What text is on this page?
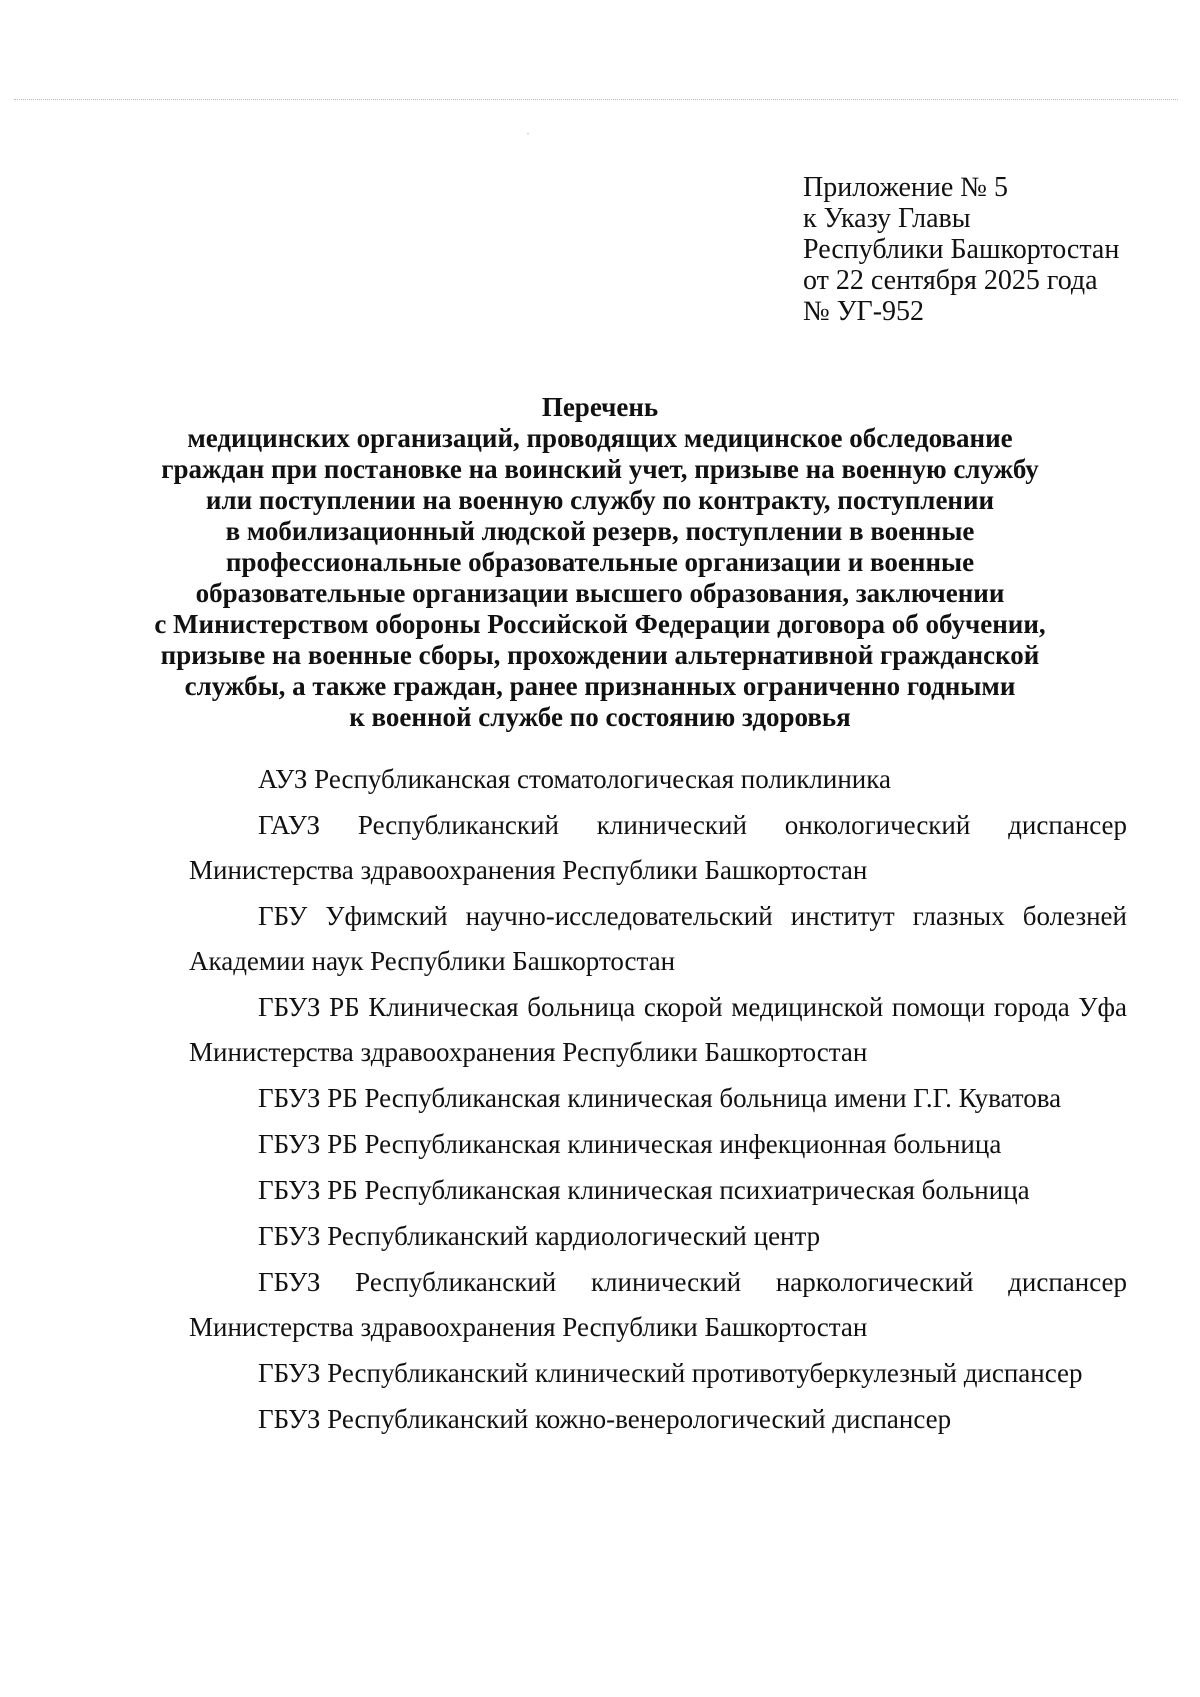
Приложение № 5
к Указу Главы
Республики Башкортостан
от 22 сентября 2025 года
№ УГ-952
Перечень
медицинских организаций, проводящих медицинское обследование
граждан при постановке на воинский учет, призыве на военную службу
или поступлении на военную службу по контракту, поступлении
в мобилизационный людской резерв, поступлении в военные
профессиональные образовательные организации и военные
образовательные организации высшего образования, заключении
с Министерством обороны Российской Федерации договора об обучении,
призыве на военные сборы, прохождении альтернативной гражданской
службы, а также граждан, ранее признанных ограниченно годными
к военной службе по состоянию здоровья

АУЗ Республиканская стоматологическая поликлиника

ГАУЗ Республиканский клинический онкологический диспансер
Министерства здравоохранения Республики Башкортостан

ГБУ Уфимский научно-исследовательский институт глазных болезней
Академии наук Республики Башкортостан

ГБУЗ РБ Клиническая больница скорой медицинской помощи города Уфа
Министерства здравоохранения Республики Башкортостан

ГБУЗ РБ Республиканская клиническая больница имени Г.Г. Куватова

ГБУЗ РБ Республиканская клиническая инфекционная больница

ГБУЗ РБ Республиканская клиническая психиатрическая больница

ГБУЗ Республиканский кардиологический центр

ГБУЗ Республиканский клинический наркологический диспансер
Министерства здравоохранения Республики Башкортостан

ГБУЗ Республиканский клинический противотуберкулезный диспансер

ГБУЗ Республиканский кожно-венерологический диспансер
